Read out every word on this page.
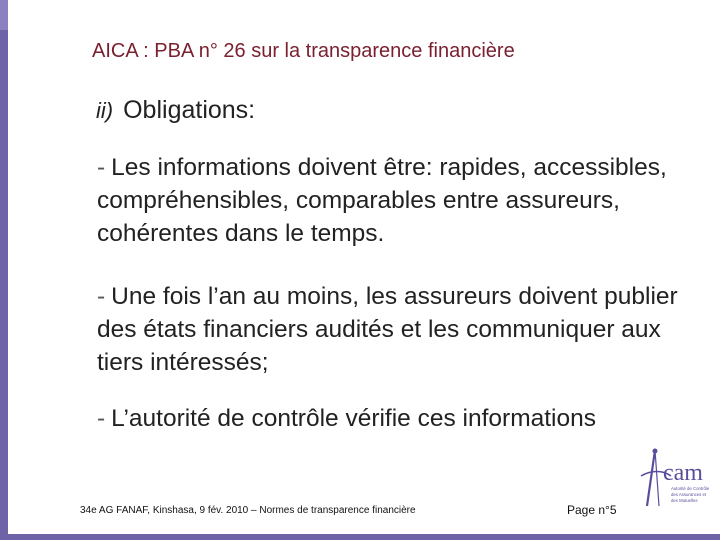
AICA : PBA n° 26 sur la transparence financière
ii) Obligations:
- Les informations doivent être: rapides, accessibles, compréhensibles, comparables entre assureurs, cohérentes dans le temps.
- Une fois l’an au moins, les assureurs doivent publier des états financiers audités et les communiquer aux tiers intéressés;
- L’autorité de contrôle vérifie ces informations
34e AG FANAF, Kinshasa, 9 fév. 2010 – Normes de transparence financière	Page n°5
cam
Autorité de Contrôle
des Assurances et
des Mutuelles
